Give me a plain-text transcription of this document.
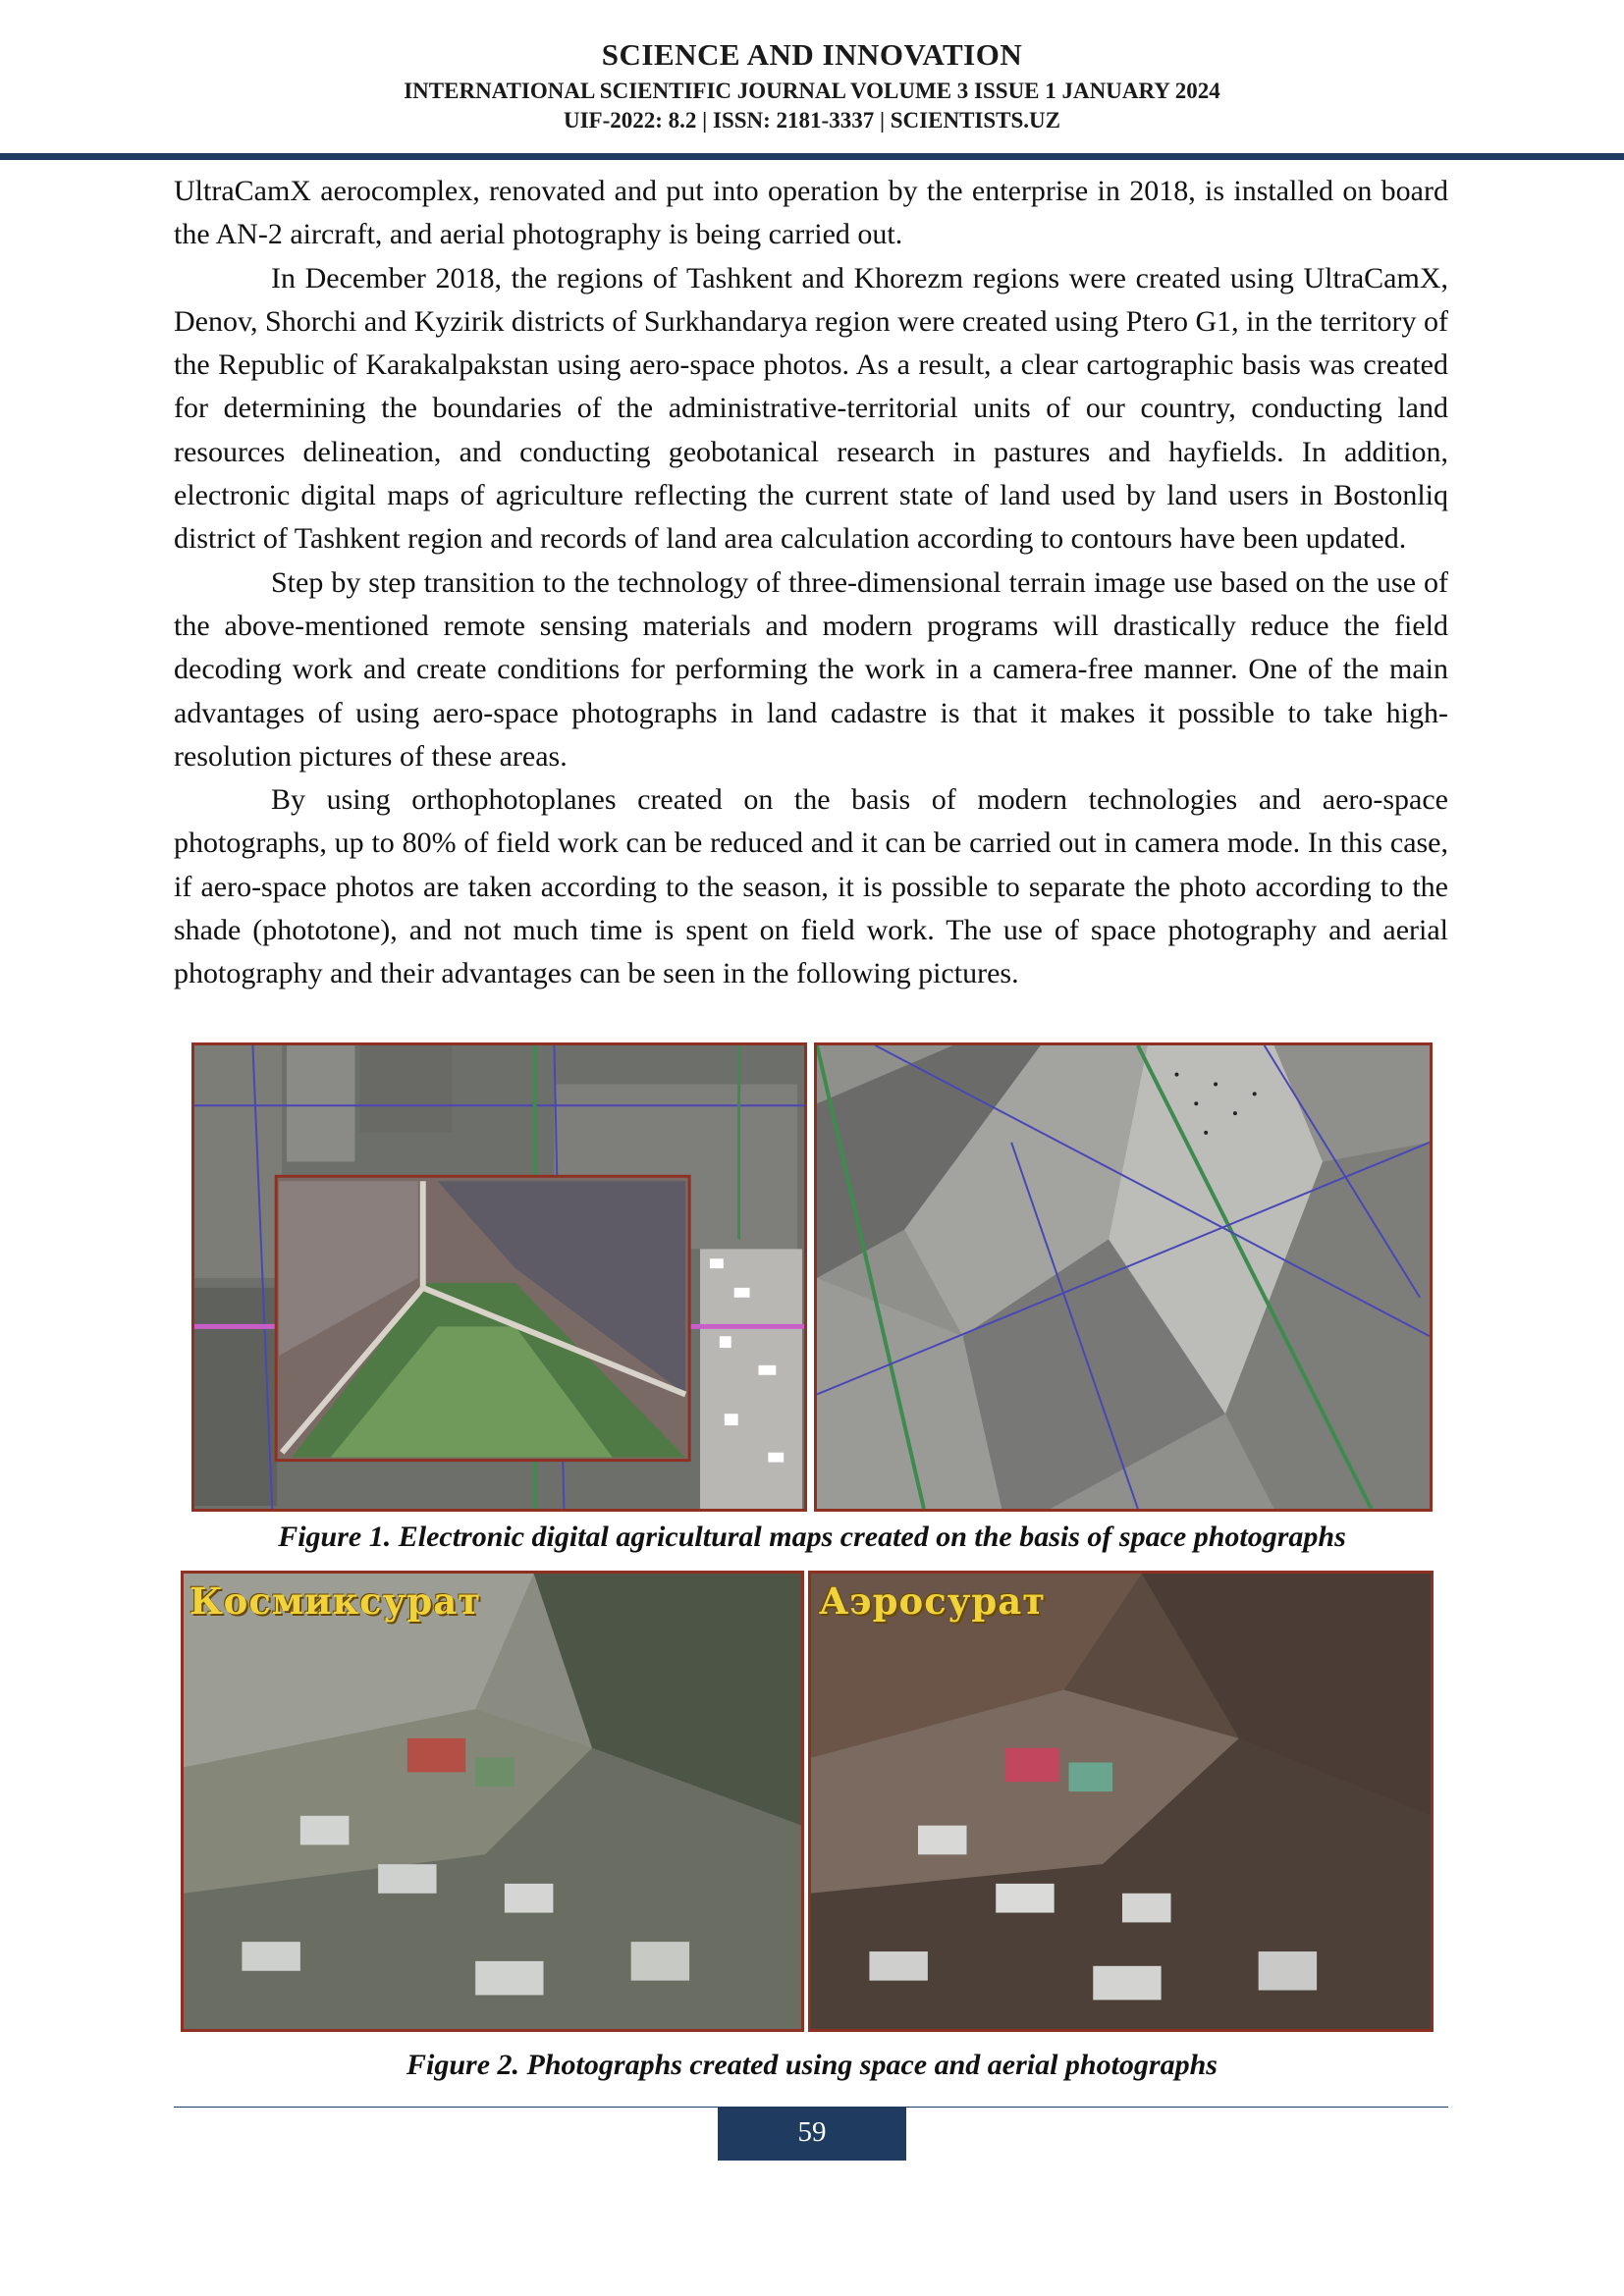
SCIENCE AND INNOVATION
INTERNATIONAL SCIENTIFIC JOURNAL VOLUME 3 ISSUE 1 JANUARY 2024
UIF-2022: 8.2 | ISSN: 2181-3337 | SCIENTISTS.UZ

UltraCamX aerocomplex, renovated and put into operation by the enterprise in 2018, is installed on board the AN-2 aircraft, and aerial photography is being carried out.

In December 2018, the regions of Tashkent and Khorezm regions were created using UltraCamX, Denov, Shorchi and Kyzirik districts of Surkhandarya region were created using Ptero G1, in the territory of the Republic of Karakalpakstan using aero-space photos. As a result, a clear cartographic basis was created for determining the boundaries of the administrative-territorial units of our country, conducting land resources delineation, and conducting geobotanical research in pastures and hayfields. In addition, electronic digital maps of agriculture reflecting the current state of land used by land users in Bostonliq district of Tashkent region and records of land area calculation according to contours have been updated.

Step by step transition to the technology of three-dimensional terrain image use based on the use of the above-mentioned remote sensing materials and modern programs will drastically reduce the field decoding work and create conditions for performing the work in a camera-free manner. One of the main advantages of using aero-space photographs in land cadastre is that it makes it possible to take high-resolution pictures of these areas.

By using orthophotoplanes created on the basis of modern technologies and aero-space photographs, up to 80% of field work can be reduced and it can be carried out in camera mode. In this case, if aero-space photos are taken according to the season, it is possible to separate the photo according to the shade (phototone), and not much time is spent on field work. The use of space photography and aerial photography and their advantages can be seen in the following pictures.

Figure 1. Electronic digital agricultural maps created on the basis of space photographs
Космиксурат	Аэросурат
Figure 2. Photographs created using space and aerial photographs
59
